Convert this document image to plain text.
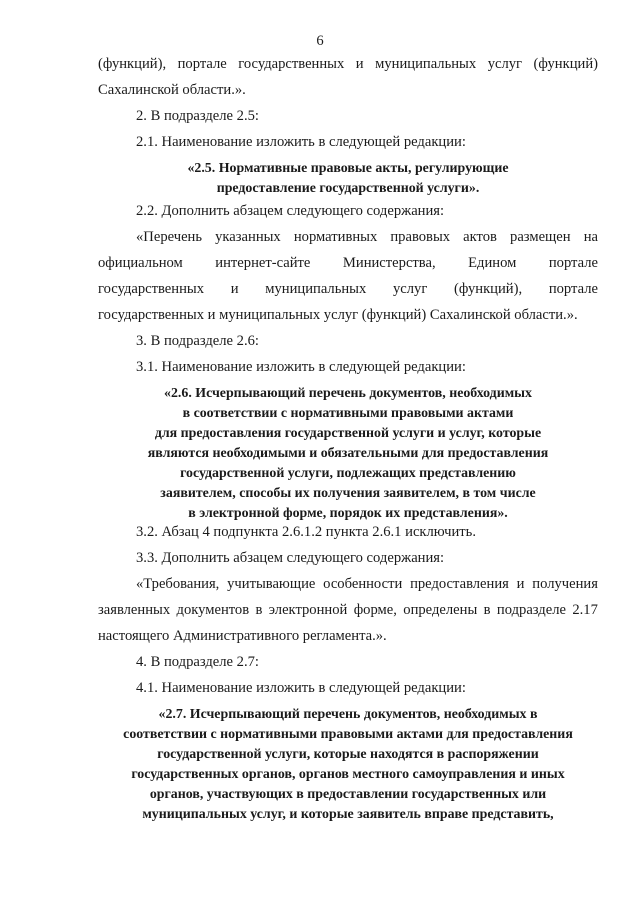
6

(функций), портале государственных и муниципальных услуг (функций)

Сахалинской области.».

2. В подразделе 2.5:

2.1. Наименование изложить в следующей редакции:

«2.5. Нормативные правовые акты, регулирующие

предоставление государственной услуги».

2.2. Дополнить абзацем следующего содержания:

«Перечень указанных нормативных правовых актов размещен на

официальном интернет-сайте Министерства, Едином портале

государственных и муниципальных услуг (функций), портале

государственных и муниципальных услуг (функций) Сахалинской области.».

3. В подразделе 2.6:

3.1. Наименование изложить в следующей редакции:

«2.6. Исчерпывающий перечень документов, необходимых

в соответствии с нормативными правовыми актами

для предоставления государственной услуги и услуг, которые

являются необходимыми и обязательными для предоставления

государственной услуги, подлежащих представлению

заявителем, способы их получения заявителем, в том числе

в электронной форме, порядок их представления».

3.2. Абзац 4 подпункта 2.6.1.2 пункта 2.6.1 исключить.

3.3. Дополнить абзацем следующего содержания:

«Требования, учитывающие особенности предоставления и получения

заявленных документов в электронной форме, определены в подразделе 2.17

настоящего Административного регламента.».

4. В подразделе 2.7:

4.1. Наименование изложить в следующей редакции:

«2.7. Исчерпывающий перечень документов, необходимых в

соответствии с нормативными правовыми актами для предоставления

государственной услуги, которые находятся в распоряжении

государственных органов, органов местного самоуправления и иных

органов, участвующих в предоставлении государственных или

муниципальных услуг, и которые заявитель вправе представить,
